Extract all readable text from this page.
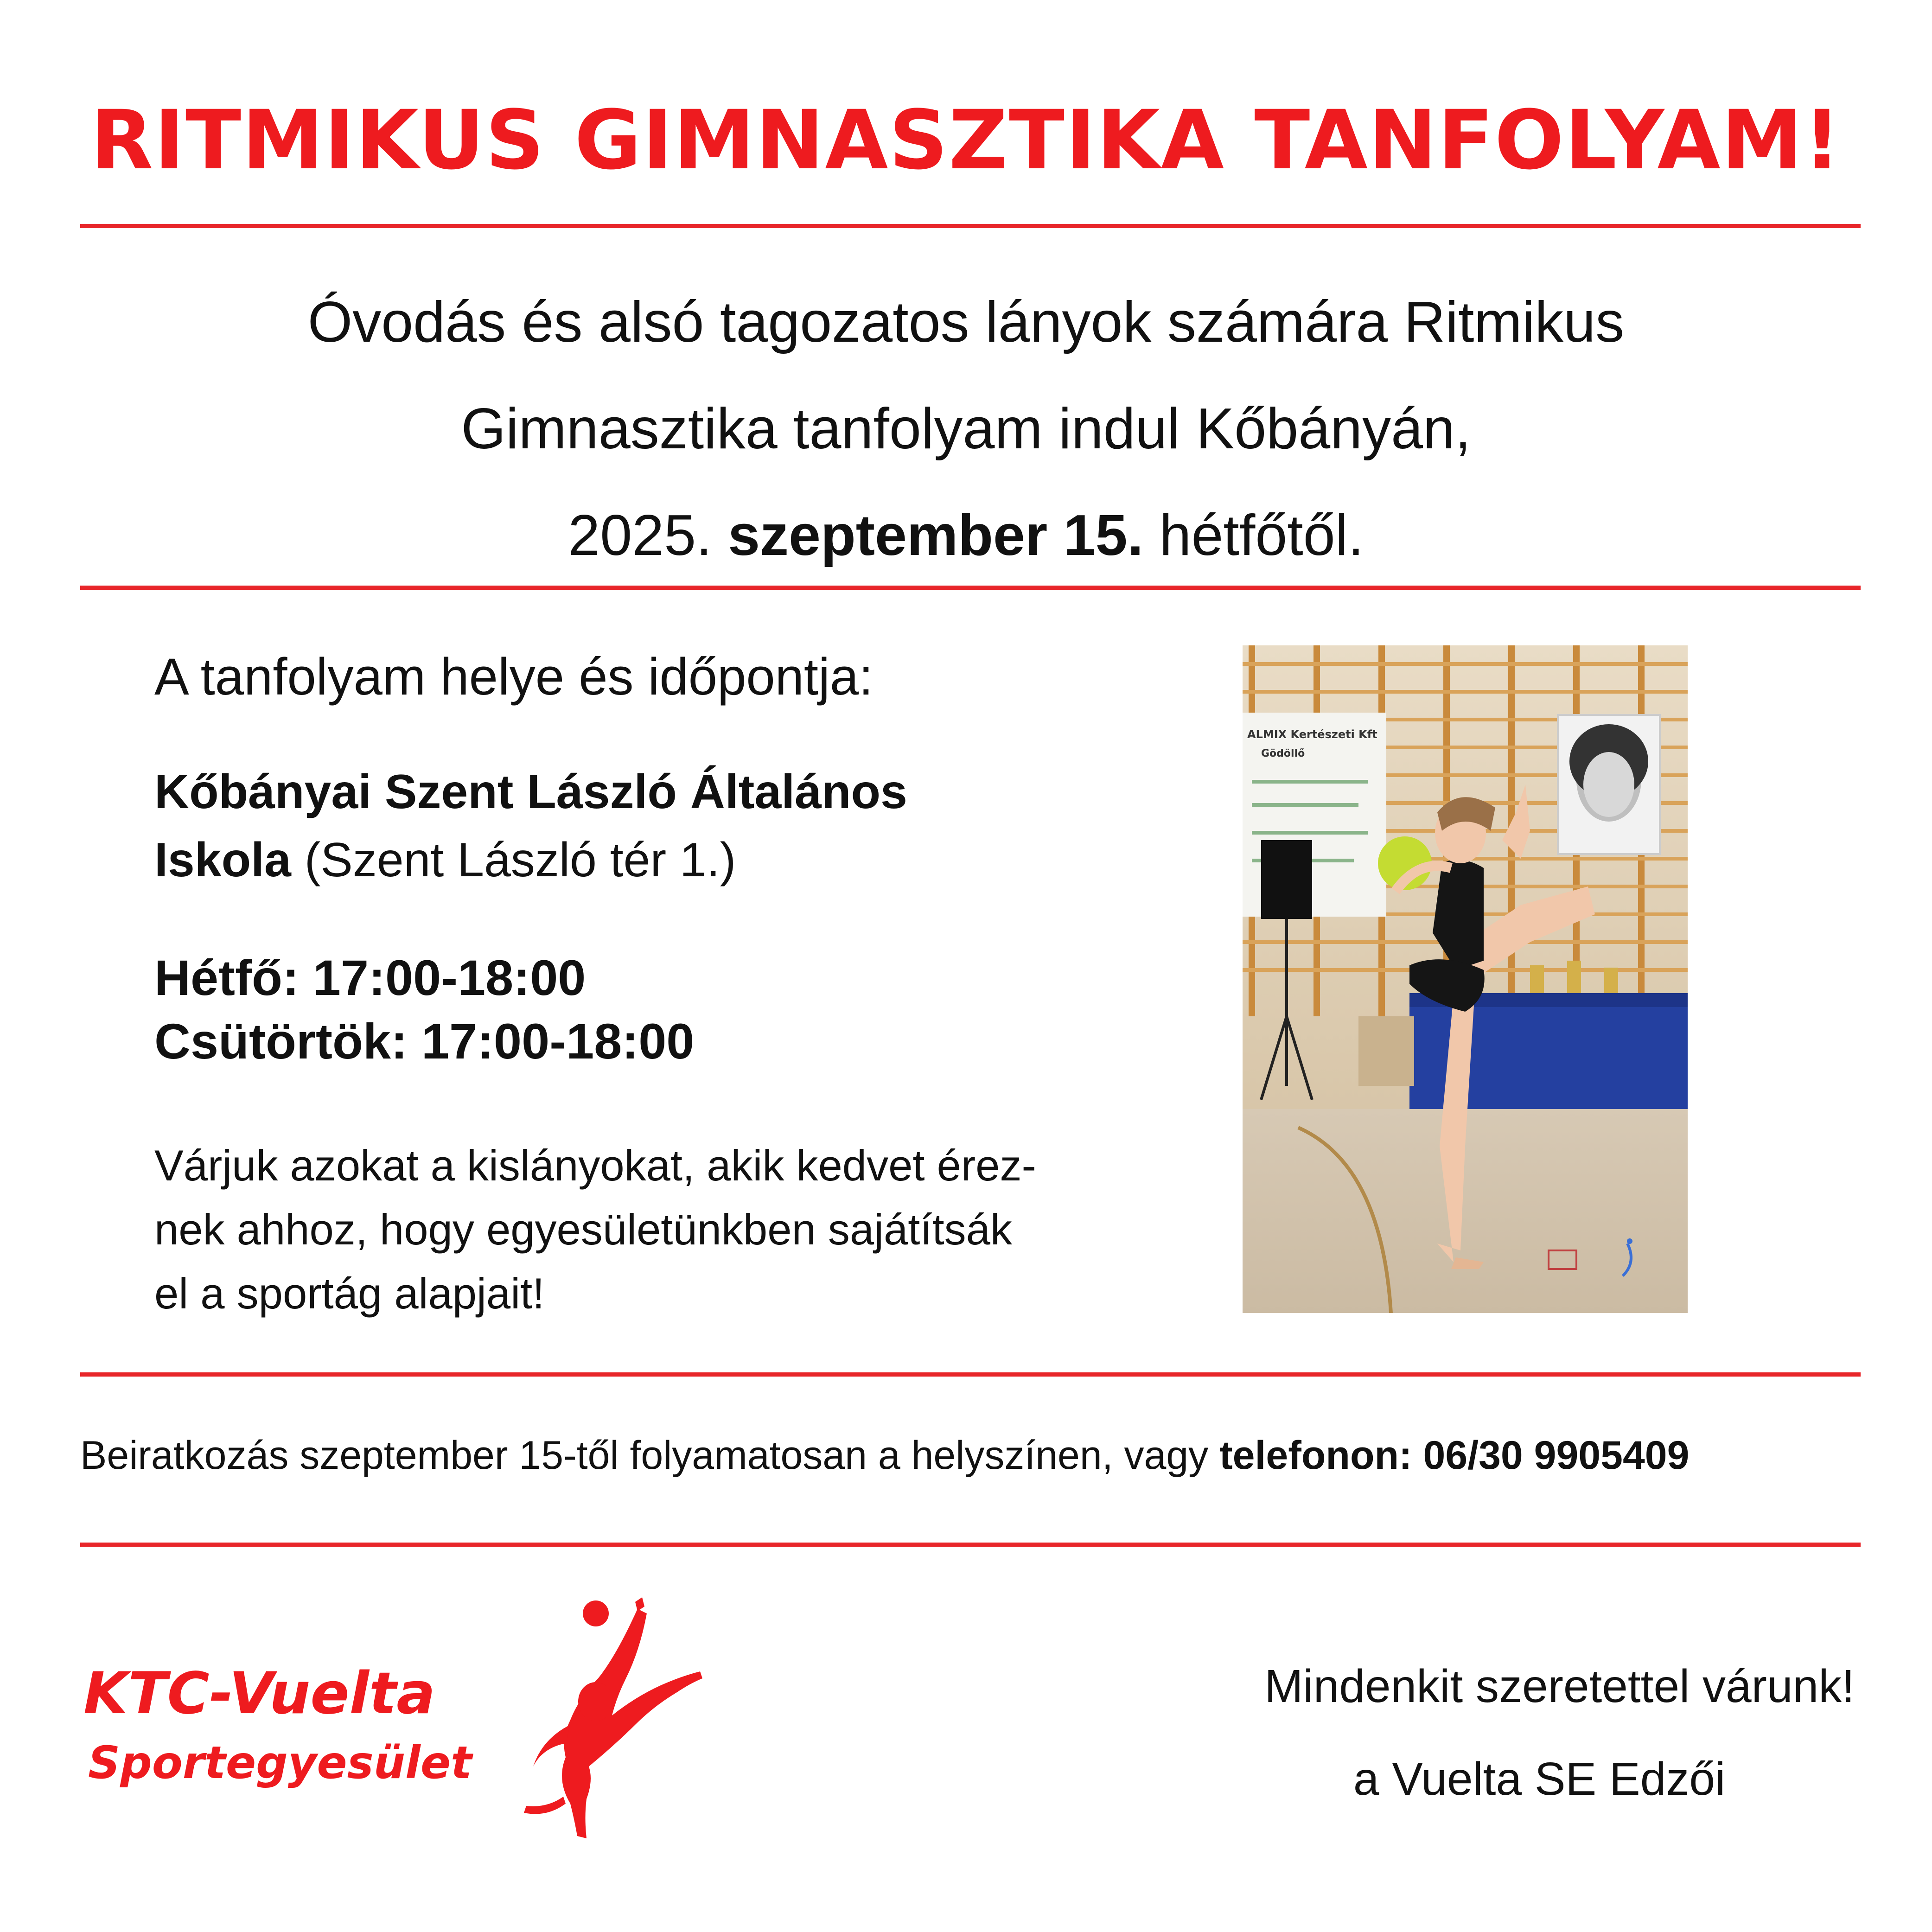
RITMIKUS GIMNASZTIKA TANFOLYAM!
Óvodás és alsó tagozatos lányok számára Ritmikus
Gimnasztika tanfolyam indul Kőbányán,
2025. szeptember 15. hétfőtől.
A tanfolyam helye és időpontja:
Kőbányai Szent László Általános
Iskola (Szent László tér 1.)
Hétfő: 17:00-18:00
Csütörtök: 17:00-18:00
Várjuk azokat a kislányokat, akik kedvet érez-
nek ahhoz, hogy egyesületünkben sajátítsák
el a sportág alapjait!
ALMIX Kertészeti Kft
Gödöllő
Beiratkozás szeptember 15-től folyamatosan a helyszínen, vagy telefonon: 06/30 9905409
KTC-Vuelta
Sportegyesület
Mindenkit szeretettel várunk!
a Vuelta SE Edzői
